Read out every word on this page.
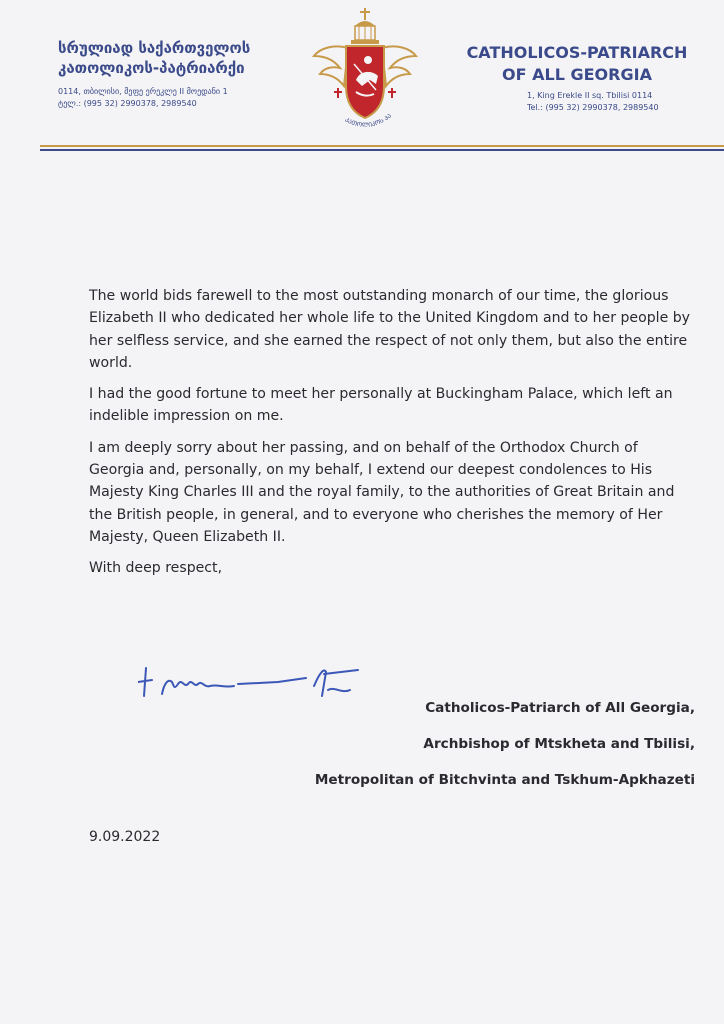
სრულიად საქართველოს
კათოლიკოს-პატრიარქი
0114, თბილისი, მეფე ერეკლე II მოედანი 1
ტელ.: (995 32) 2990378, 2989540
ᲙᲐᲗᲝᲚᲘᲙᲝᲡ ᲞᲐ
CATHOLICOS-PATRIARCH
OF ALL GEORGIA
1, King Erekle II sq. Tbilisi 0114
Tel.: (995 32) 2990378, 2989540

The world bids farewell to the most outstanding monarch of our time, the glorious Elizabeth II who dedicated her whole life to the United Kingdom and to her people by her selfless service, and she earned the respect of not only them, but also the entire world.

I had the good fortune to meet her personally at Buckingham Palace, which left an indelible impression on me.

I am deeply sorry about her passing, and on behalf of the Orthodox Church of Georgia and, personally, on my behalf, I extend our deepest condolences to His Majesty King Charles III and the royal family, to the authorities of Great Britain and the British people, in general, and to everyone who cherishes the memory of Her Majesty, Queen Elizabeth II.

With deep respect,

Catholicos-Patriarch of All Georgia,
Archbishop of Mtskheta and Tbilisi,
Metropolitan of Bitchvinta and Tskhum-Apkhazeti
9.09.2022
